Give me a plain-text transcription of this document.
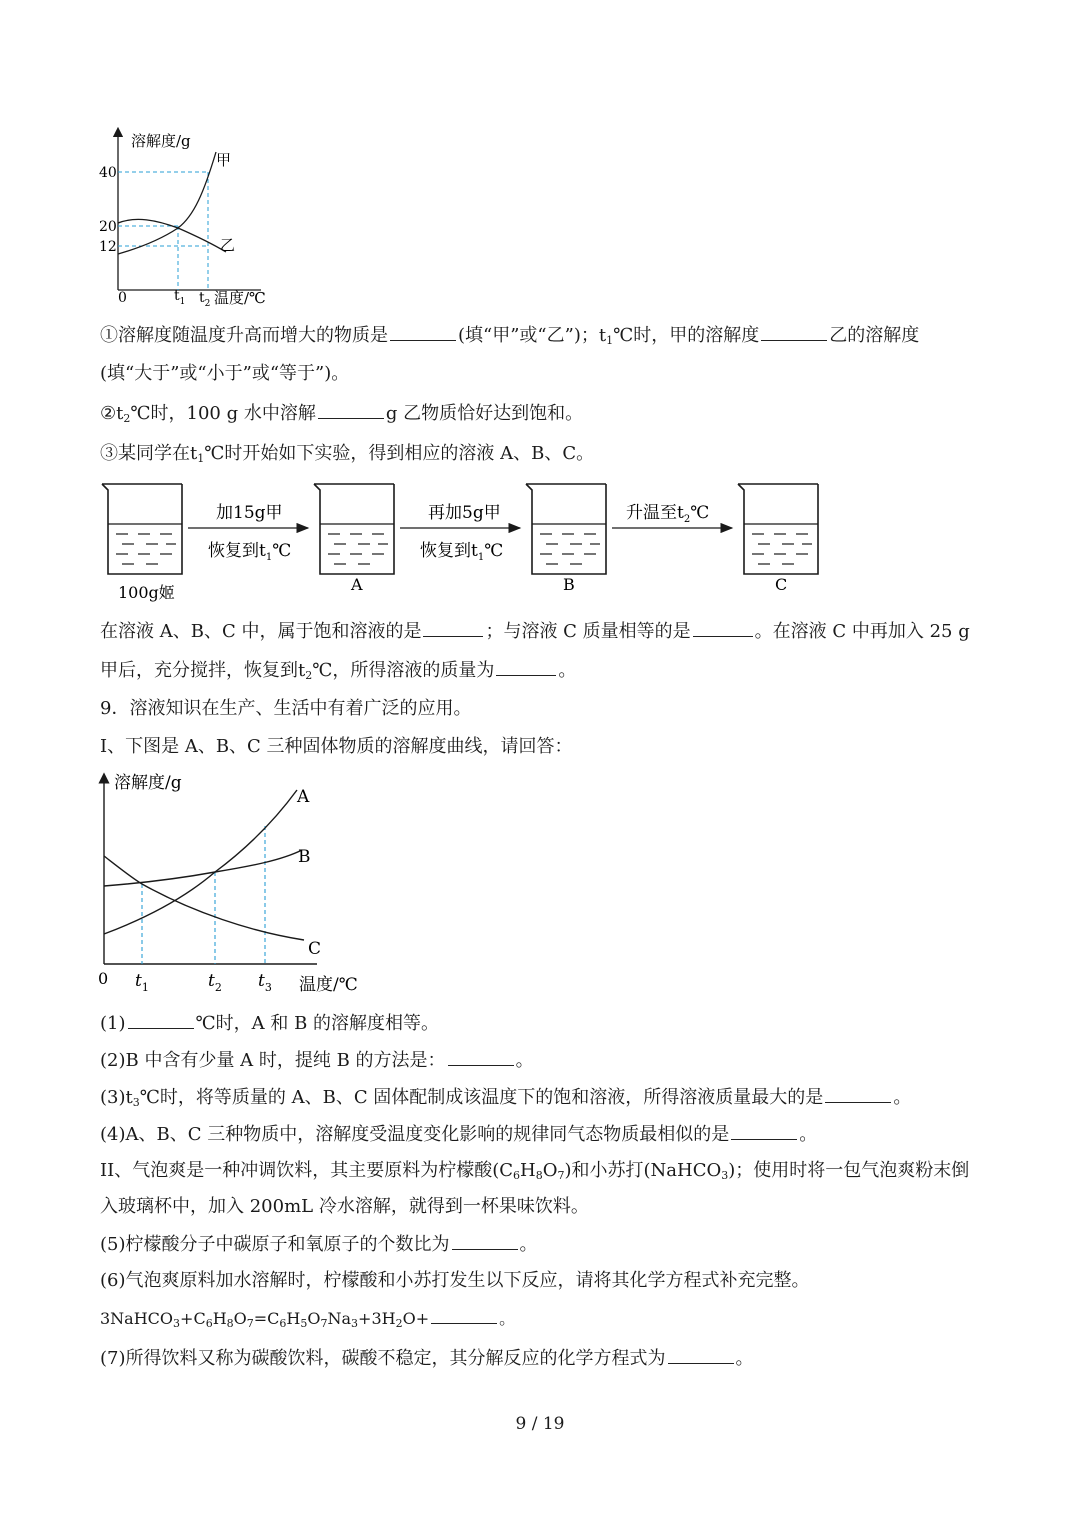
溶解度/g
40
20
12
0
甲
乙
$t_1$ $t_2$ 温度/℃
①溶解度随温度升高而增大的物质是	(填“甲”或“乙”)；$t_1℃$时，甲的溶解度	乙的溶解度
(填“大于”或“小于”或“等于”)。
$②t_2℃$时，100 g 水中溶解	g 乙物质恰好达到饱和。
③某同学在$t_1℃$时开始如下实验，得到相应的溶液 A、B、C。
加15g甲
恢复到$t_1℃$
再加5g甲
恢复到$t_1℃$
升温至$t_2℃$
100g姬	A	B	C
在溶液 A、B、C 中，属于饱和溶液的是	；与溶液 C 质量相等的是	。在溶液 C 中再加入 25 g
甲后，充分搅拌，恢复到$t_2℃$，所得溶液的质量为	。
9．溶液知识在生产、生活中有着广泛的应用。
I、下图是 A、B、C 三种固体物质的溶解度曲线，请回答：
溶解度/g
0
A
B
C
$t_1$	$t_2$ $t_3$ 温度/℃
(1)	℃时，A 和 B 的溶解度相等。
(2)B 中含有少量 A 时，提纯 B 的方法是：	。
$(3)t_3℃$时，将等质量的 A、B、C 固体配制成该温度下的饱和溶液，所得溶液质量最大的是	。
(4)A、B、C 三种物质中，溶解度受温度变化影响的规律同气态物质最相似的是	。
II、气泡爽是一种冲调饮料，其主要原料为柠檬酸$(C_6H_8O_7)$和小苏打(NaHCO$_3$)；使用时将一包气泡爽粉末倒
入玻璃杯中，加入 200mL 冷水溶解，就得到一杯果味饮料。
(5)柠檬酸分子中碳原子和氧原子的个数比为	。
(6)气泡爽原料加水溶解时，柠檬酸和小苏打发生以下反应，请将其化学方程式补充完整。
$3NaHCO_3+C_6H_8O_7=C_6H_5O_7Na_3+3H_2O+$	。
(7)所得饮料又称为碳酸饮料，碳酸不稳定，其分解反应的化学方程式为	。
9 / 19
